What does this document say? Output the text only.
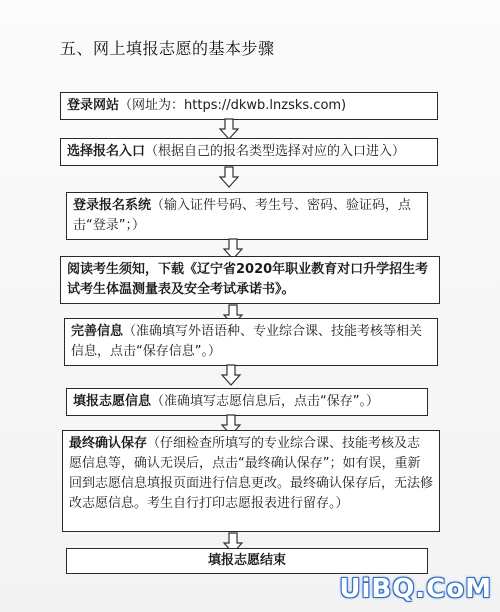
五、网上填报志愿的基本步骤
登录网站（网址为：https://dkwb.lnzsks.com)
选择报名入口（根据自己的报名类型选择对应的入口进入）
登录报名系统（输入证件号码、考生号、密码、验证码，点击“登录”；）
阅读考生须知，下载《辽宁省2020年职业教育对口升学招生考试考生体温测量表及安全考试承诺书》。
完善信息（准确填写外语语种、专业综合课、技能考核等相关信息，点击“保存信息”。）
填报志愿信息（准确填写志愿信息后，点击“保存”。）
最终确认保存（仔细检查所填写的专业综合课、技能考核及志愿信息等，确认无误后，点击“最终确认保存”；如有误，重新回到志愿信息填报页面进行信息更改。最终确认保存后，无法修改志愿信息。考生自行打印志愿报表进行留存。）
填报志愿结束
UiBQ.CoM
